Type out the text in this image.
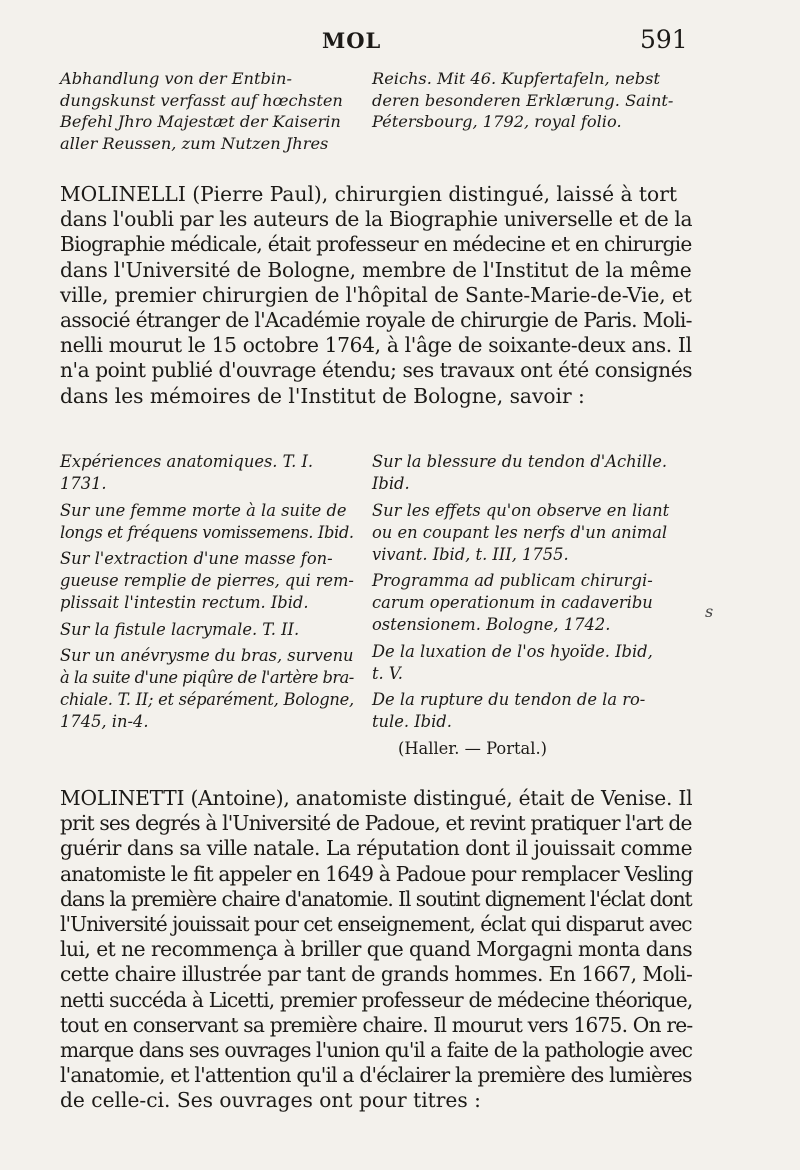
MOL	591

Abhandlung von der Entbin-

dungskunst verfasst auf hœchsten

Befehl Jhro Majestæt der Kaiserin

aller Reussen, zum Nutzen Jhres

Reichs. Mit 46. Kupfertafeln, nebst

deren besonderen Erklærung. Saint-

Pétersbourg, 1792, royal folio.

MOLINELLI (Pierre Paul), chirurgien distingué, laissé à tort

dans l'oubli par les auteurs de la Biographie universelle et de la

Biographie médicale, était professeur en médecine et en chirurgie

dans l'Université de Bologne, membre de l'Institut de la même

ville, premier chirurgien de l'hôpital de Sante-Marie-de-Vie, et

associé étranger de l'Académie royale de chirurgie de Paris. Moli-

nelli mourut le 15 octobre 1764, à l'âge de soixante-deux ans. Il

n'a point publié d'ouvrage étendu; ses travaux ont été consignés

dans les mémoires de l'Institut de Bologne, savoir :

Expériences anatomiques. T. I.

1731.

Sur une femme morte à la suite de

longs et fréquens vomissemens. Ibid.

Sur l'extraction d'une masse fon-

gueuse remplie de pierres, qui rem-

plissait l'intestin rectum. Ibid.

Sur la fistule lacrymale. T. II.

Sur un anévrysme du bras, survenu

à la suite d'une piqûre de l'artère bra-

chiale. T. II; et séparément, Bologne,

1745, in-4.

Sur la blessure du tendon d'Achille.

Ibid.

Sur les effets qu'on observe en liant

ou en coupant les nerfs d'un animal

vivant. Ibid, t. III, 1755.

Programma ad publicam chirurgi-

carum operationum in cadaveribu

ostensionem. Bologne, 1742.

De la luxation de l'os hyoïde. Ibid,

t. V.

De la rupture du tendon de la ro-

tule. Ibid.

(Haller. — Portal.)

s

MOLINETTI (Antoine), anatomiste distingué, était de Venise. Il

prit ses degrés à l'Université de Padoue, et revint pratiquer l'art de

guérir dans sa ville natale. La réputation dont il jouissait comme

anatomiste le fit appeler en 1649 à Padoue pour remplacer Vesling

dans la première chaire d'anatomie. Il soutint dignement l'éclat dont

l'Université jouissait pour cet enseignement, éclat qui disparut avec

lui, et ne recommença à briller que quand Morgagni monta dans

cette chaire illustrée par tant de grands hommes. En 1667, Moli-

netti succéda à Licetti, premier professeur de médecine théorique,

tout en conservant sa première chaire. Il mourut vers 1675. On re-

marque dans ses ouvrages l'union qu'il a faite de la pathologie avec

l'anatomie, et l'attention qu'il a d'éclairer la première des lumières

de celle-ci. Ses ouvrages ont pour titres :
